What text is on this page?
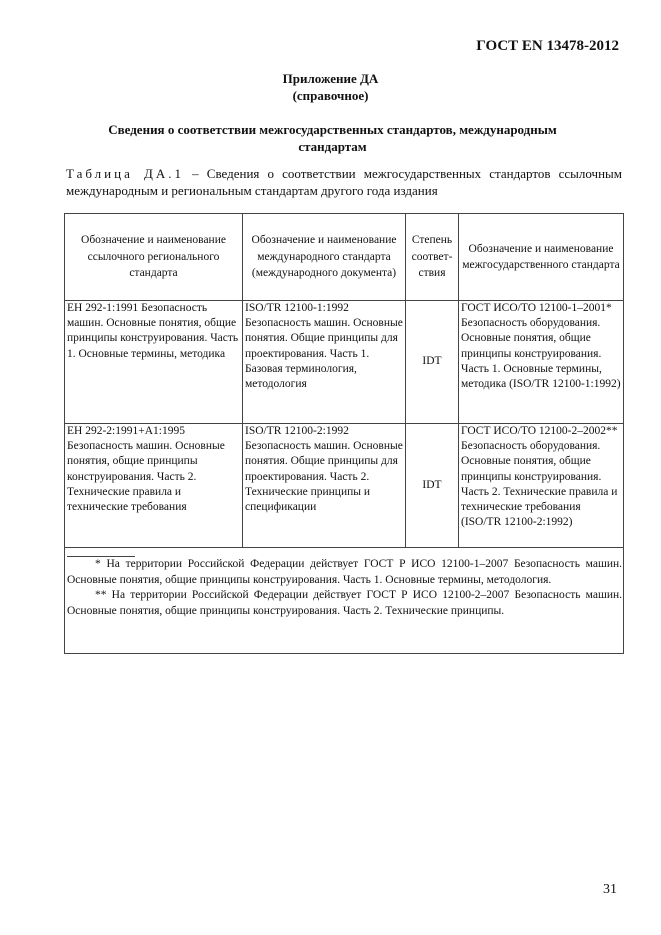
ГОСТ EN 13478-2012
Приложение ДА
(справочное)
Сведения о соответствии межгосударственных стандартов, международным стандартам
Таблица ДА.1 – Сведения о соответствии межгосударственных стандартов ссылочным международным и региональным стандартам другого года издания
Обозначение и наименование ссылочного регионального стандарта	Обозначение и наименование международного стандарта (международного документа)	Степень соответ-ствия	Обозначение и наименование межгосударственного стандарта
ЕН 292-1:1991 Безопасность машин. Основные понятия, общие принципы конструирования. Часть 1. Основные термины, методика	ISO/TR 12100-1:1992 Безопасность машин. Основные понятия. Общие принципы для проектирования. Часть 1. Базовая терминология, методология	IDT	ГОСТ ИСО/ТО 12100-1–2001* Безопасность оборудования. Основные понятия, общие принципы конструирования. Часть 1. Основные термины, методика (ISO/TR 12100-1:1992)
ЕН 292-2:1991+A1:1995 Безопасность машин. Основные понятия, общие принципы конструирования. Часть 2. Технические правила и технические требования	ISO/TR 12100-2:1992 Безопасность машин. Основные понятия. Общие принципы для проектирования. Часть 2. Технические принципы и спецификации	IDT	ГОСТ ИСО/ТО 12100-2–2002** Безопасность оборудования. Основные понятия, общие принципы конструирования. Часть 2. Технические правила и технические требования (ISO/TR 12100-2:1992)

* На территории Российской Федерации действует ГОСТ Р ИСО 12100-1–2007 Безопасность машин. Основные понятия, общие принципы конструирования. Часть 1. Основные термины, методология.
** На территории Российской Федерации действует ГОСТ Р ИСО 12100-2–2007 Безопасность машин. Основные понятия, общие принципы конструирования. Часть 2. Технические принципы.			
31
